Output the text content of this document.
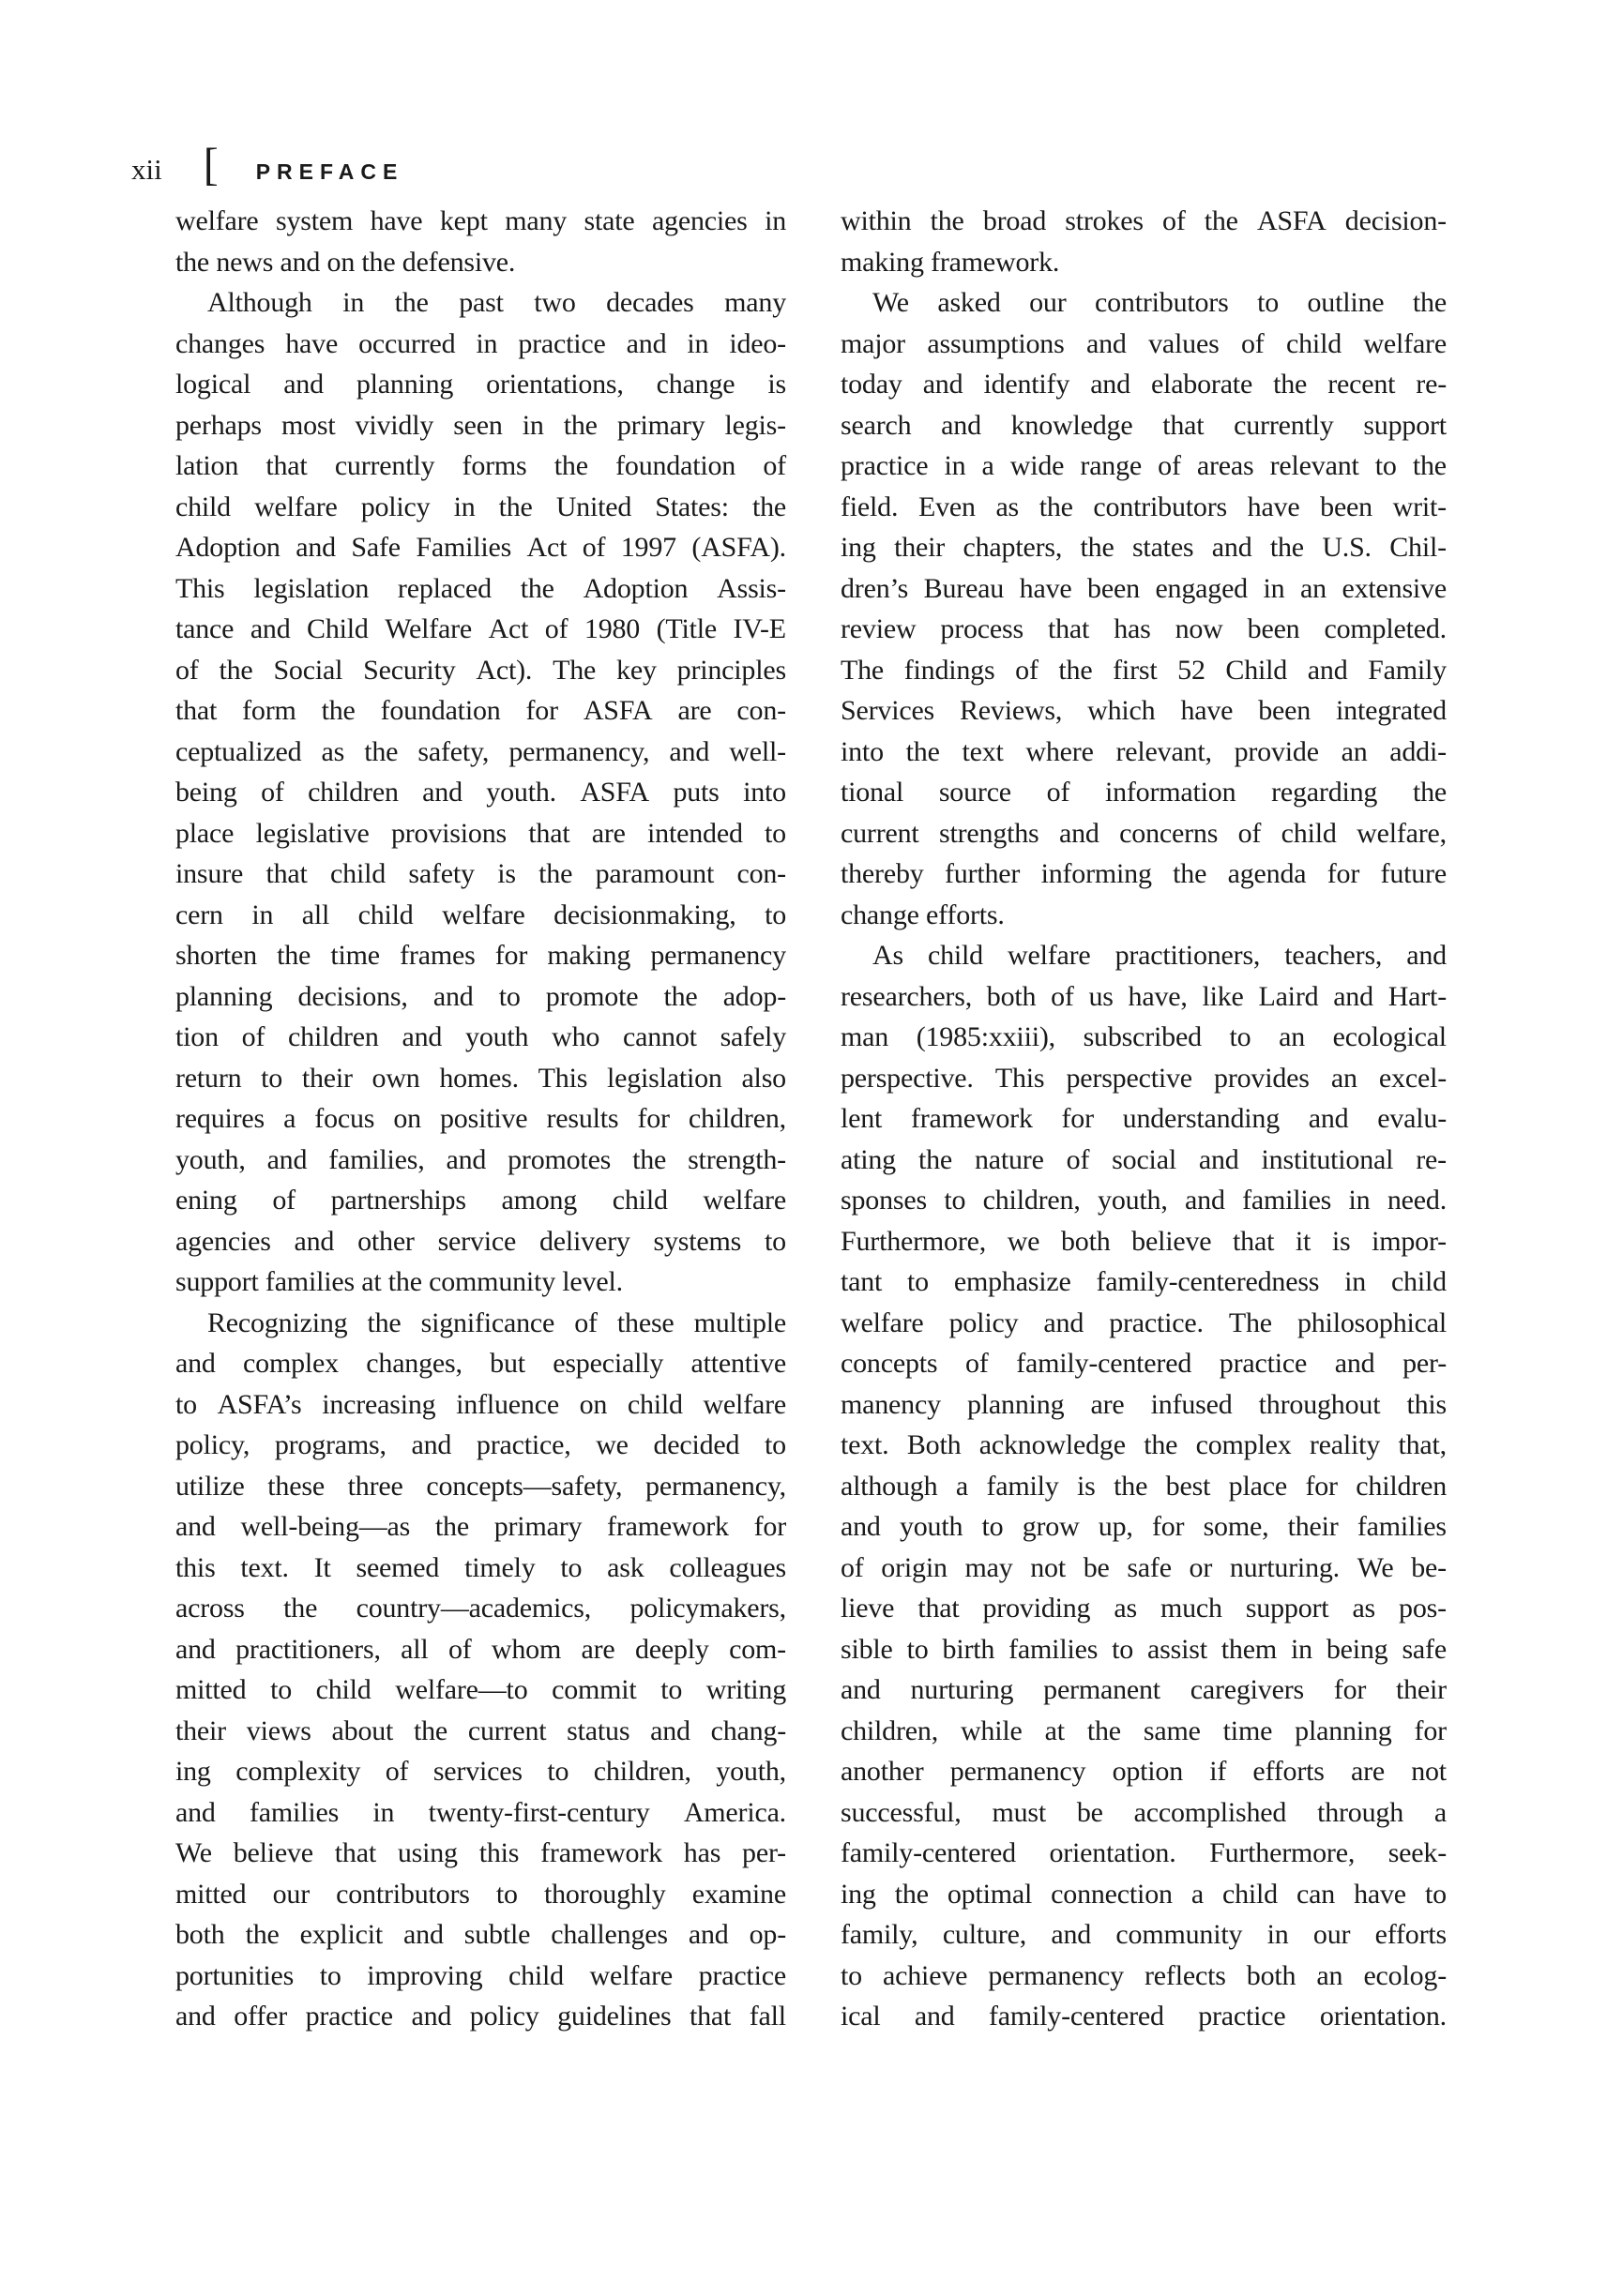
xii [ PREFACE
welfare system have kept many state agencies in
the news and on the defensive.
Although in the past two decades many
changes have occurred in practice and in ideo-
logical and planning orientations, change is
perhaps most vividly seen in the primary legis-
lation that currently forms the foundation of
child welfare policy in the United States: the
Adoption and Safe Families Act of 1997 (ASFA).
This legislation replaced the Adoption Assis-
tance and Child Welfare Act of 1980 (Title IV-E
of the Social Security Act). The key principles
that form the foundation for ASFA are con-
ceptualized as the safety, permanency, and well-
being of children and youth. ASFA puts into
place legislative provisions that are intended to
insure that child safety is the paramount con-
cern in all child welfare decisionmaking, to
shorten the time frames for making permanency
planning decisions, and to promote the adop-
tion of children and youth who cannot safely
return to their own homes. This legislation also
requires a focus on positive results for children,
youth, and families, and promotes the strength-
ening of partnerships among child welfare
agencies and other service delivery systems to
support families at the community level.
Recognizing the significance of these multiple
and complex changes, but especially attentive
to ASFA’s increasing influence on child welfare
policy, programs, and practice, we decided to
utilize these three concepts—safety, permanency,
and well-being—as the primary framework for
this text. It seemed timely to ask colleagues
across the country—academics, policymakers,
and practitioners, all of whom are deeply com-
mitted to child welfare—to commit to writing
their views about the current status and chang-
ing complexity of services to children, youth,
and families in twenty-first-century America.
We believe that using this framework has per-
mitted our contributors to thoroughly examine
both the explicit and subtle challenges and op-
portunities to improving child welfare practice
and offer practice and policy guidelines that fall
within the broad strokes of the ASFA decision-
making framework.
We asked our contributors to outline the
major assumptions and values of child welfare
today and identify and elaborate the recent re-
search and knowledge that currently support
practice in a wide range of areas relevant to the
field. Even as the contributors have been writ-
ing their chapters, the states and the U.S. Chil-
dren’s Bureau have been engaged in an extensive
review process that has now been completed.
The findings of the first 52 Child and Family
Services Reviews, which have been integrated
into the text where relevant, provide an addi-
tional source of information regarding the
current strengths and concerns of child welfare,
thereby further informing the agenda for future
change efforts.
As child welfare practitioners, teachers, and
researchers, both of us have, like Laird and Hart-
man (1985:xxiii), subscribed to an ecological
perspective. This perspective provides an excel-
lent framework for understanding and evalu-
ating the nature of social and institutional re-
sponses to children, youth, and families in need.
Furthermore, we both believe that it is impor-
tant to emphasize family-centeredness in child
welfare policy and practice. The philosophical
concepts of family-centered practice and per-
manency planning are infused throughout this
text. Both acknowledge the complex reality that,
although a family is the best place for children
and youth to grow up, for some, their families
of origin may not be safe or nurturing. We be-
lieve that providing as much support as pos-
sible to birth families to assist them in being safe
and nurturing permanent caregivers for their
children, while at the same time planning for
another permanency option if efforts are not
successful, must be accomplished through a
family-centered orientation. Furthermore, seek-
ing the optimal connection a child can have to
family, culture, and community in our efforts
to achieve permanency reflects both an ecolog-
ical and family-centered practice orientation.
